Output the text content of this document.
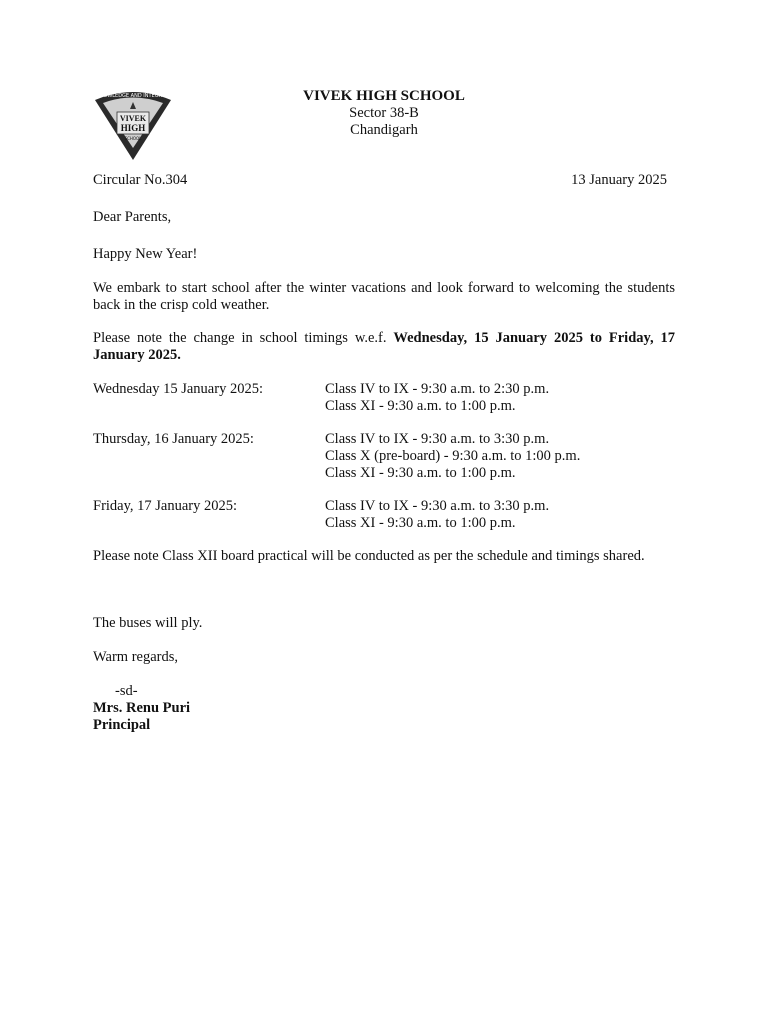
KNOWLEDGE AND INTEGRITY
VIVEK
HIGH
SCHOOL
VIVEK HIGH SCHOOL
Sector 38-B
Chandigarh
Circular No.304	13 January 2025
Dear Parents,
Happy New Year!
We embark to start school after the winter vacations and look forward to welcoming the students back in the crisp cold weather.
Please note the change in school timings w.e.f. Wednesday, 15 January 2025 to Friday, 17 January 2025.
Wednesday 15 January 2025:	Class IV to IX - 9:30 a.m. to 2:30 p.m.
Class XI - 9:30 a.m. to 1:00 p.m.
Thursday, 16 January 2025:	Class IV to IX - 9:30 a.m. to 3:30 p.m.
Class X (pre-board) - 9:30 a.m. to 1:00 p.m.
Class XI - 9:30 a.m. to 1:00 p.m.
Friday, 17 January 2025:	Class IV to IX - 9:30 a.m. to 3:30 p.m.
Class XI - 9:30 a.m. to 1:00 p.m.
Please note Class XII board practical will be conducted as per the schedule and timings shared.
The buses will ply.
Warm regards,
-sd-
Mrs. Renu Puri
Principal
